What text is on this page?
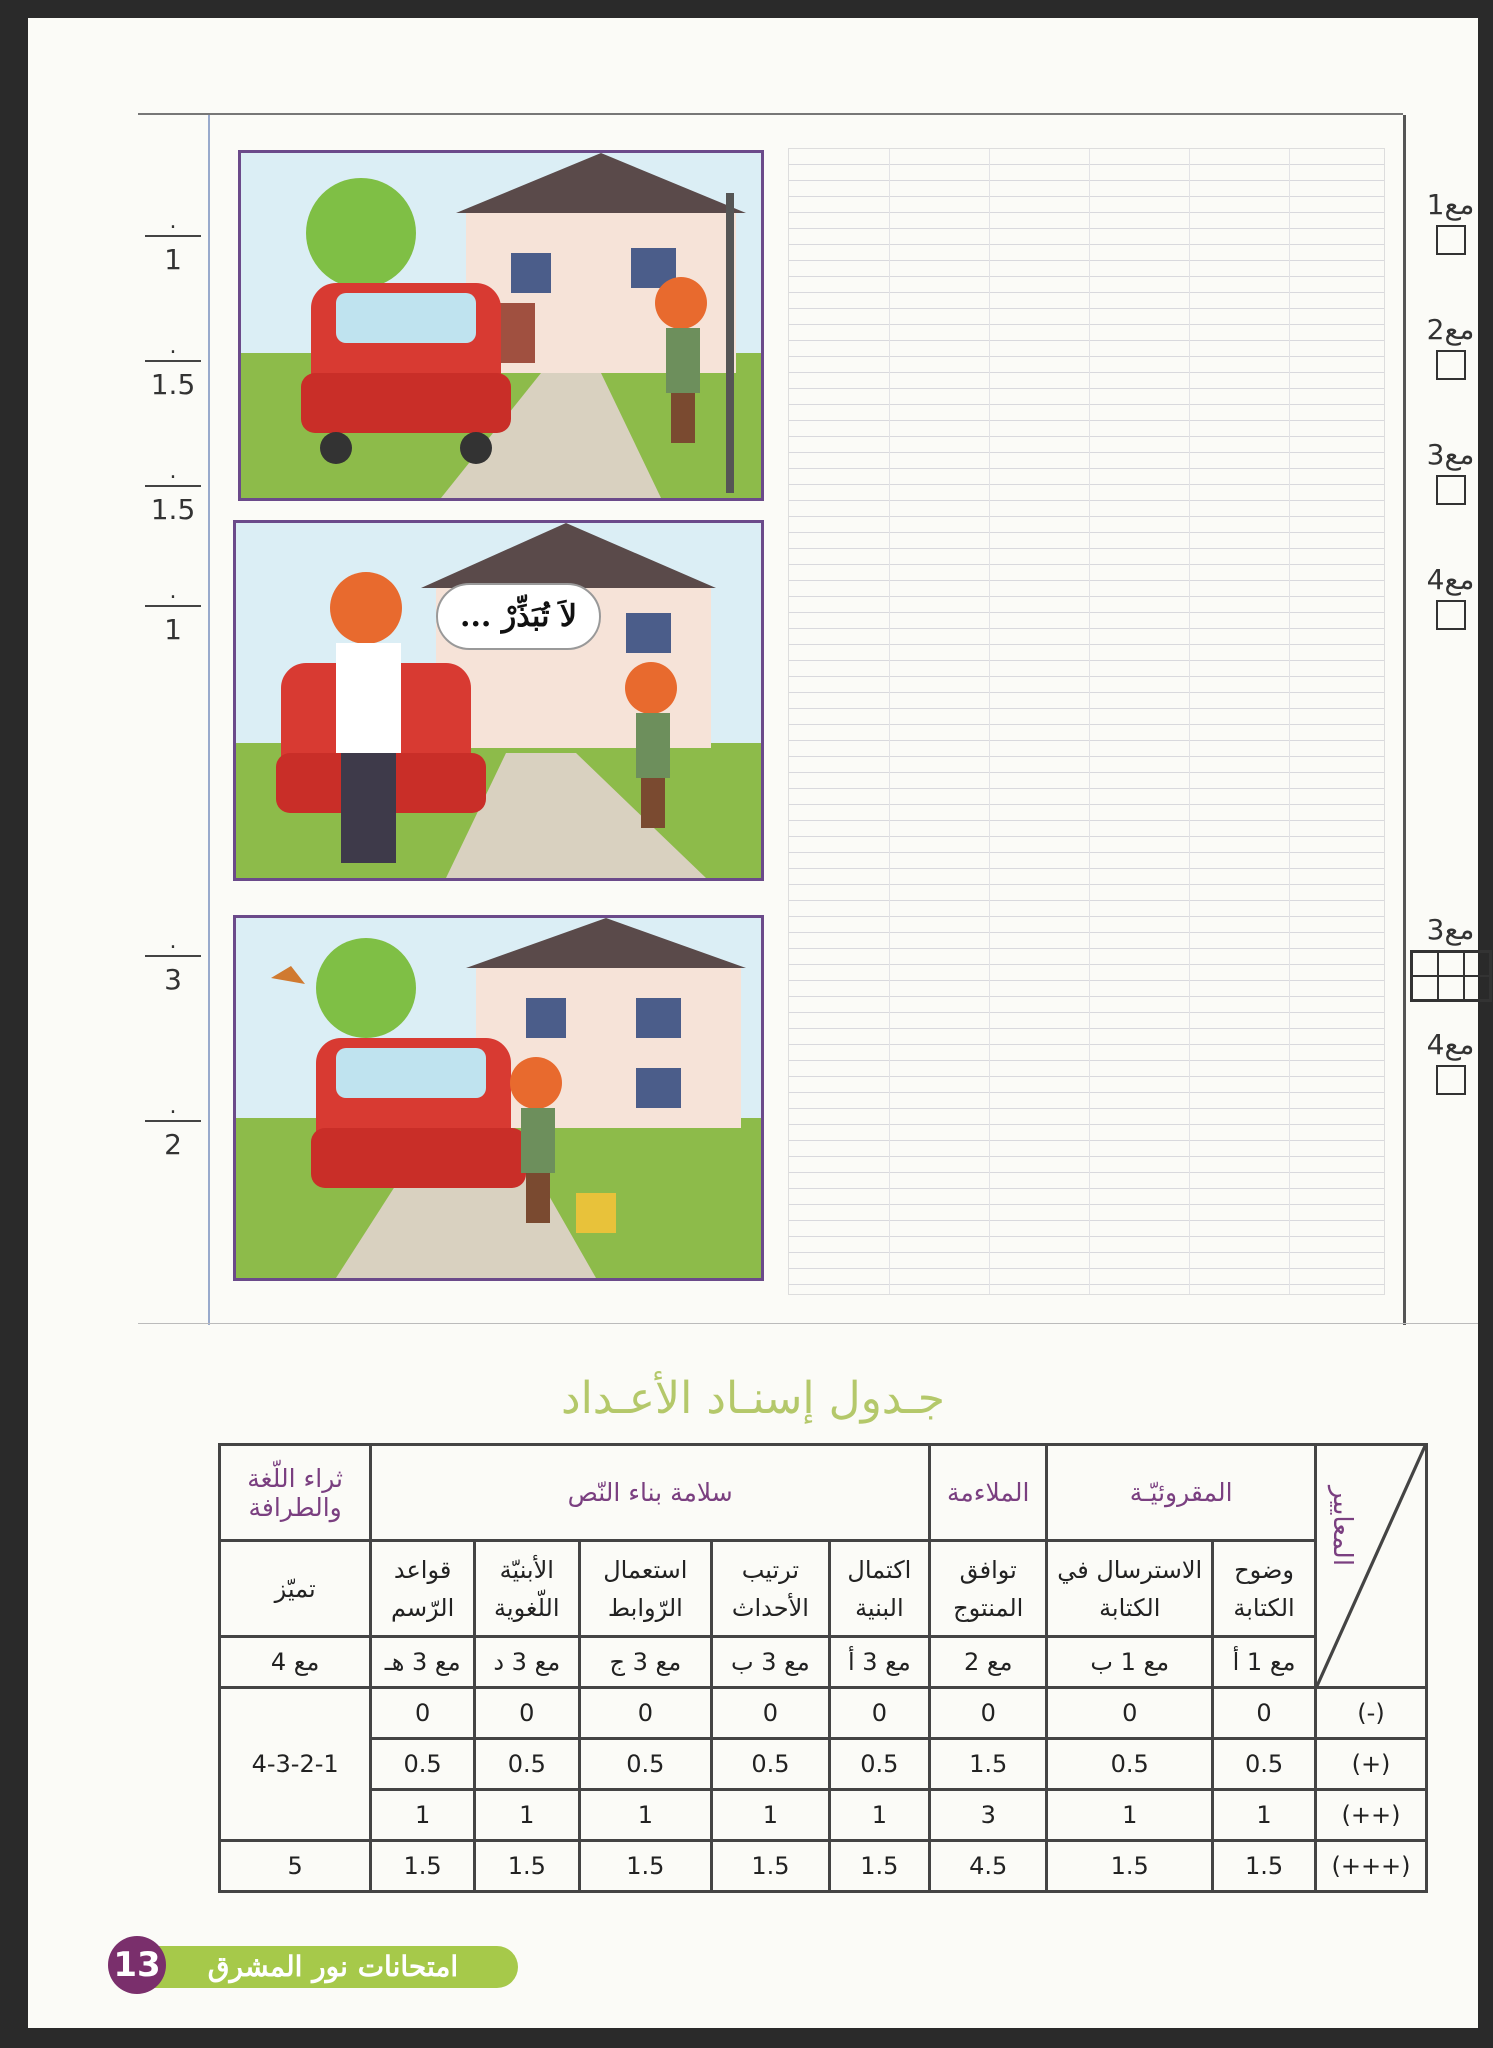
.
1
.
1.5
.
1.5
.
1
.
3
.
2
لاَ تُبَذِّرْ ...
مع1
مع2
مع3
مع4
مع3
مع4
جـدول إسنـاد الأعـداد
المعايير	المقروئيّـة		الملاءمة	سلامة بناء النّص					ثراء اللّغة والطرافة
	وضوح الكتابة	الاسترسال في الكتابة	توافق المنتوج	اكتمال البنية	ترتيب الأحداث	استعمال الرّوابط	الأبنيّة اللّغوية	قواعد الرّسم	تميّز
	مع 1 أ	مع 1 ب	مع 2	مع 3 أ	مع 3 ب	مع 3 ج	مع 3 د	مع 3 هـ	مع 4
(-)	0	0	0	0	0	0	0	0	4-3-2-1
(+)	0.5	0.5	1.5	0.5	0.5	0.5	0.5	0.5	
(++)	1	1	3	1	1	1	1	1	
(+++)	1.5	1.5	4.5	1.5	1.5	1.5	1.5	1.5	5
امتحانات نور المشرق
13
